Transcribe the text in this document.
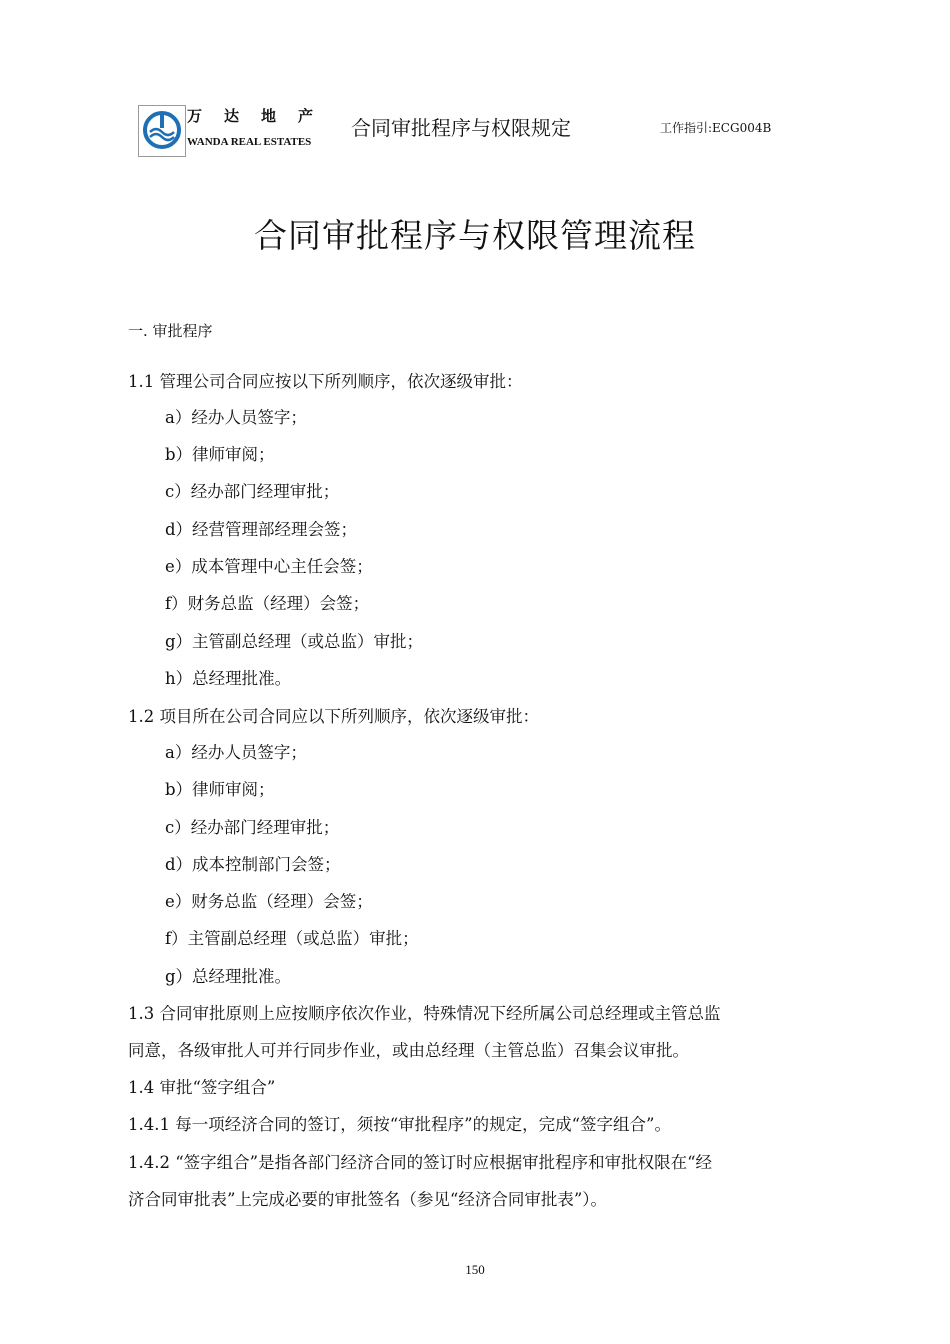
万达地产
WANDA REAL ESTATES
合同审批程序与权限规定	工作指引:ECG004B
合同审批程序与权限管理流程
一. 审批程序
1.1 管理公司合同应按以下所列顺序，依次逐级审批：
a）经办人员签字；
b）律师审阅；
c）经办部门经理审批；
d）经营管理部经理会签；
e）成本管理中心主任会签；
f）财务总监（经理）会签；
g）主管副总经理（或总监）审批；
h）总经理批准。
1.2 项目所在公司合同应以下所列顺序，依次逐级审批：
a）经办人员签字；
b）律师审阅；
c）经办部门经理审批；
d）成本控制部门会签；
e）财务总监（经理）会签；
f）主管副总经理（或总监）审批；
g）总经理批准。
1.3 合同审批原则上应按顺序依次作业，特殊情况下经所属公司总经理或主管总监
同意，各级审批人可并行同步作业，或由总经理（主管总监）召集会议审批。
1.4 审批“签字组合”
1.4.1 每一项经济合同的签订，须按“审批程序”的规定，完成“签字组合”。
1.4.2 “签字组合”是指各部门经济合同的签订时应根据审批程序和审批权限在“经
济合同审批表”上完成必要的审批签名（参见“经济合同审批表”）。
150
